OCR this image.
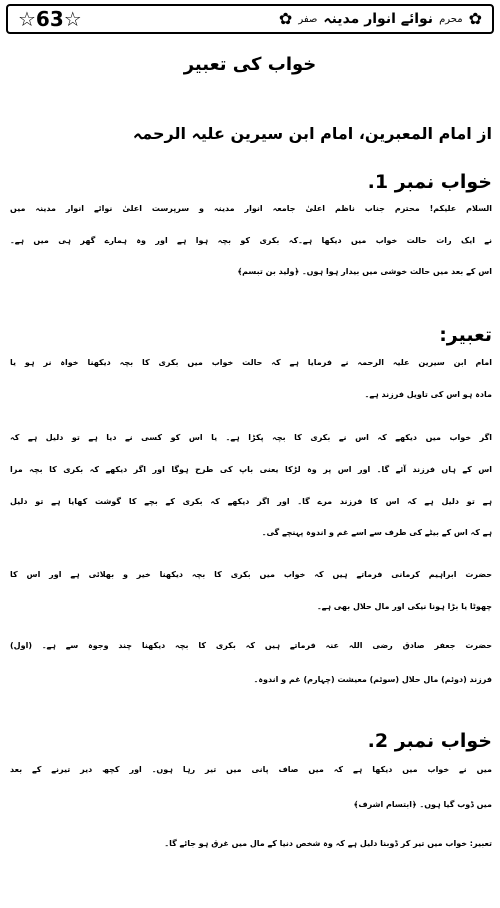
☆63☆	✿
محرم
نوائے انوار مدینہ
صفر
✿
خواب کی تعبیر
از امام المعبرین، امام ابن سیرین علیہ الرحمہ
خواب نمبر 1.
السلام علیکم! محترم جناب ناظم اعلیٰ جامعہ انوار مدینہ و سرپرست اعلیٰ نوائے انوار مدینہ میں
نے ایک رات حالت خواب میں دیکھا ہے۔کہ بکری کو بچہ ہوا ہے اور وہ ہمارے گھر ہی میں ہے۔
اس کے بعد میں حالت خوشی میں بیدار ہوا ہوں۔ ﴿ولید بن تبسم﴾
تعبیر:
امام ابن سیرین علیہ الرحمہ نے فرمایا ہے کہ حالت خواب میں بکری کا بچہ دیکھنا خواہ نر ہو یا
مادہ ہو اس کی تاویل فرزند ہے۔
اگر خواب میں دیکھے کہ اس نے بکری کا بچہ پکڑا ہے۔ یا اس کو کسی نے دیا ہے تو دلیل ہے کہ
اس کے ہاں فرزند آئے گا۔ اور اس پر وہ لڑکا یعنی باپ کی طرح ہوگا اور اگر دیکھے کہ بکری کا بچہ مرا
ہے تو دلیل ہے کہ اس کا فرزند مرے گا۔ اور اگر دیکھے کہ بکری کے بچے کا گوشت کھایا ہے تو دلیل
ہے کہ اس کے بیٹے کی طرف سے اسے غم و اندوہ پہنچے گی۔
حضرت ابراہیم کرمانی فرماتے ہیں کہ خواب میں بکری کا بچہ دیکھنا خیر و بھلائی ہے اور اس کا
چھوٹا یا بڑا ہونا نیکی اور مال حلال بھی ہے۔
حضرت جعفر صادق رضی اللہ عنہ فرماتے ہیں کہ بکری کا بچہ دیکھنا چند وجوہ سے ہے۔ (اول)
فرزند (دوئم) مال حلال (سوئم) معیشت (چہارم) غم و اندوہ۔
خواب نمبر 2.
میں نے خواب میں دیکھا ہے کہ میں صاف پانی میں تیر رہا ہوں۔ اور کچھ دیر تیرنے کے بعد
میں ڈوب گیا ہوں۔ ﴿ابتسام اشرف﴾
تعبیر: خواب میں تیر کر ڈوبنا دلیل ہے کہ وہ شخص دنیا کے مال میں غرق ہو جائے گا۔
